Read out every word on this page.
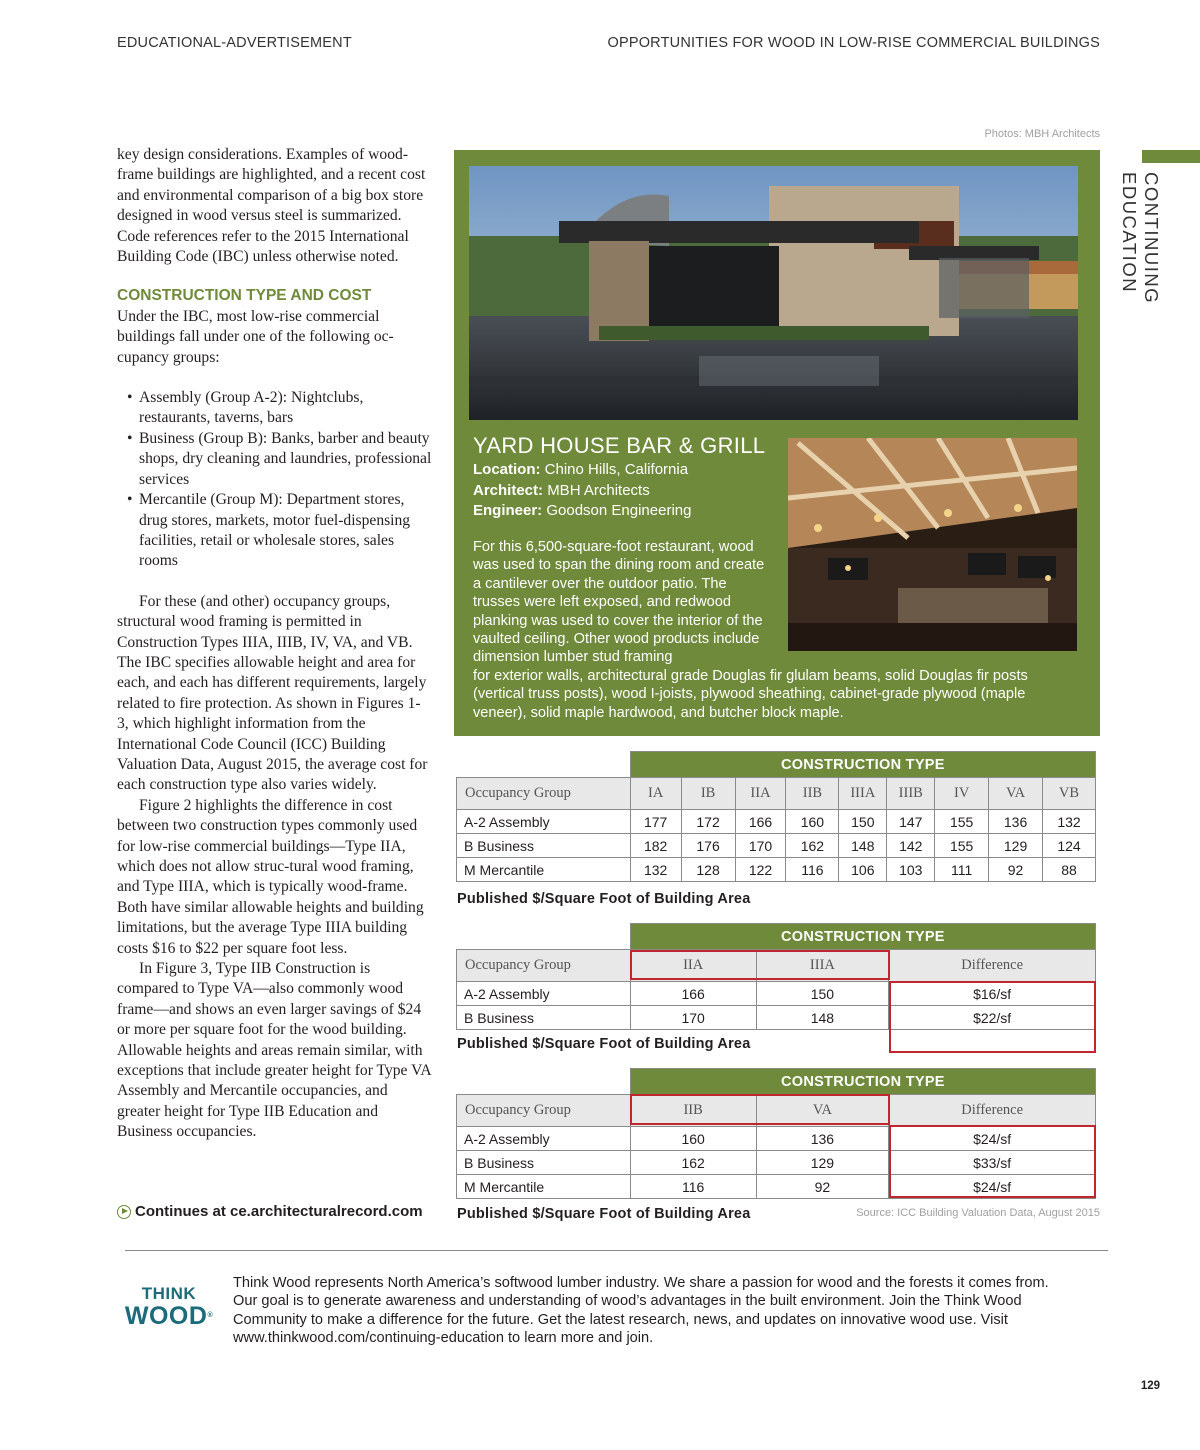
EDUCATIONAL-ADVERTISEMENT	OPPORTUNITIES FOR WOOD IN LOW-RISE COMMERCIAL BUILDINGS
Photos: MBH Architects
CONTINUING EDUCATION

key design considerations. Examples of wood-frame buildings are highlighted, and a recent cost and environmental comparison of a big box store designed in wood versus steel is summarized. Code references refer to the 2015 International Building Code (IBC) unless otherwise noted.

CONSTRUCTION TYPE AND COST

Under the IBC, most low-rise commercial buildings fall under one of the following oc-cupancy groups:

• Assembly (Group A-2): Nightclubs, restaurants, taverns, bars
• Business (Group B): Banks, barber and beauty shops, dry cleaning and laundries, professional services
• Mercantile (Group M): Department stores, drug stores, markets, motor fuel-dispensing facilities, retail or wholesale stores, sales rooms

For these (and other) occupancy groups, structural wood framing is permitted in Construction Types IIIA, IIIB, IV, VA, and VB. The IBC specifies allowable height and area for each, and each has different requirements, largely related to fire protection. As shown in Figures 1-3, which highlight information from the International Code Council (ICC) Building Valuation Data, August 2015, the average cost for each construction type also varies widely.

Figure 2 highlights the difference in cost between two construction types commonly used for low-rise commercial buildings—Type IIA, which does not allow struc-tural wood framing, and Type IIIA, which is typically wood-frame. Both have similar allowable heights and building limitations, but the average Type IIIA building costs $16 to $22 per square foot less.

In Figure 3, Type IIB Construction is compared to Type VA—also commonly wood frame—and shows an even larger savings of $24 or more per square foot for the wood building. Allowable heights and areas remain similar, with exceptions that include greater height for Type VA Assembly and Mercantile occupancies, and greater height for Type IIB Education and Business occupancies.

Continues at ce.architecturalrecord.com
YARD HOUSE BAR & GRILL
Location: Chino Hills, California
Architect: MBH Architects
Engineer: Goodson Engineering
For this 6,500-square-foot restaurant, wood was used to span the dining room and create a cantilever over the outdoor patio. The trusses were left exposed, and redwood planking was used to cover the interior of the vaulted ceiling. Other wood products include dimension lumber stud framing
for exterior walls, architectural grade Douglas fir glulam beams, solid Douglas fir posts (vertical truss posts), wood I-joists, plywood sheathing, cabinet-grade plywood (maple veneer), solid maple hardwood, and butcher block maple.
	CONSTRUCTION TYPE								
Occupancy Group	IA	IB	IIA	IIB	IIIA	IIIB	IV	VA	VB
A-2 Assembly	177	172	166	160	150	147	155	136	132
B Business	182	176	170	162	148	142	155	129	124
M Mercantile	132	128	122	116	106	103	111	92	88
Published $/Square Foot of Building Area
	CONSTRUCTION TYPE		
Occupancy Group	IIA	IIIA	Difference
A-2 Assembly	166	150	$16/sf
B Business	170	148	$22/sf
Published $/Square Foot of Building Area
	CONSTRUCTION TYPE		
Occupancy Group	IIB	VA	Difference
A-2 Assembly	160	136	$24/sf
B Business	162	129	$33/sf
M Mercantile	116	92	$24/sf
Published $/Square Foot of Building Area	Source: ICC Building Valuation Data, August 2015
THINK
WOOD®
Think Wood represents North America’s softwood lumber industry. We share a passion for wood and the forests it comes from. Our goal is to generate awareness and understanding of wood’s advantages in the built environment. Join the Think Wood Community to make a difference for the future. Get the latest research, news, and updates on innovative wood use. Visit www.thinkwood.com/continuing-education to learn more and join.
129
